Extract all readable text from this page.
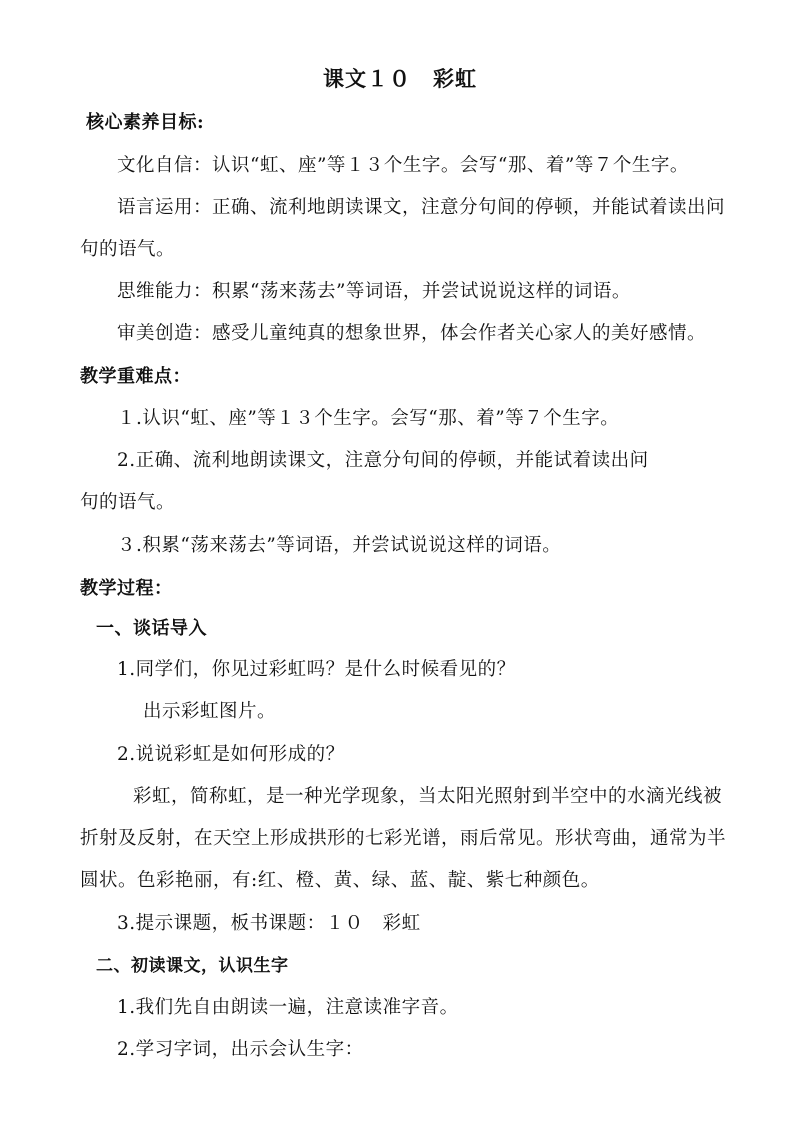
课文１０　彩虹
核心素养目标:
文化自信：认识“虹、座”等１３个生字。会写“那、着”等７个生字。
语言运用：正确、流利地朗读课文，注意分句间的停顿，并能试着读出问
句的语气。
思维能力：积累“荡来荡去”等词语，并尝试说说这样的词语。
审美创造：感受儿童纯真的想象世界，体会作者关心家人的美好感情。
教学重难点：
１.认识“虹、座”等１３个生字。会写“那、着”等７个生字。
2.正确、流利地朗读课文，注意分句间的停顿，并能试着读出问
句的语气。
３.积累“荡来荡去”等词语，并尝试说说这样的词语。
教学过程：
一、谈话导入
1.同学们，你见过彩虹吗？是什么时候看见的？
出示彩虹图片。
2.说说彩虹是如何形成的？
彩虹，简称虹，是一种光学现象，当太阳光照射到半空中的水滴光线被
折射及反射，在天空上形成拱形的七彩光谱，雨后常见。形状弯曲，通常为半
圆状。色彩艳丽，有:红、橙、黄、绿、蓝、靛、紫七种颜色。
3.提示课题，板书课题：１０　彩虹
二、初读课文，认识生字
1.我们先自由朗读一遍，注意读准字音。
2.学习字词，出示会认生字：
